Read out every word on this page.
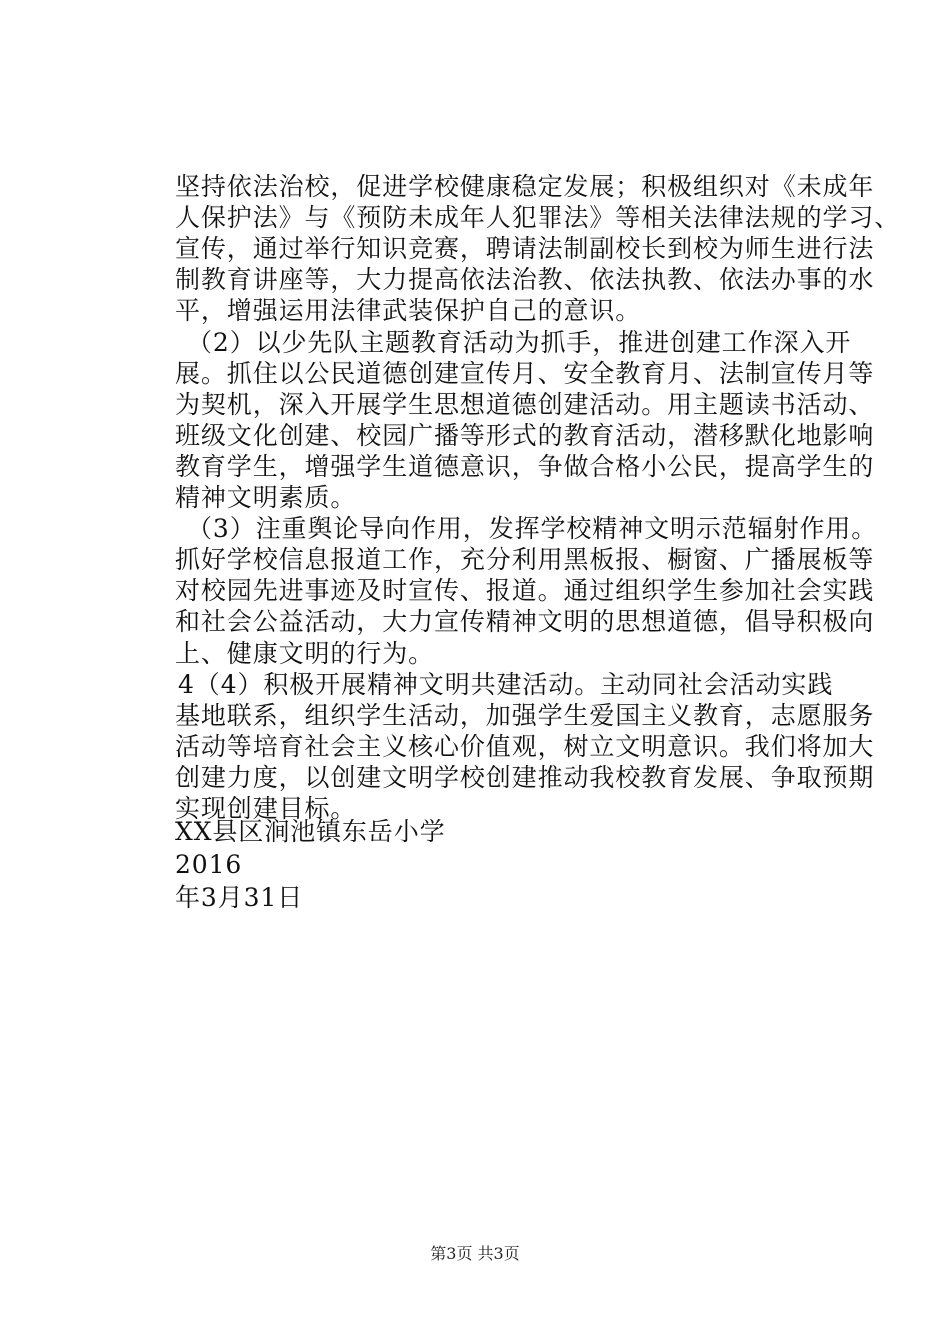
坚持依法治校，促进学校健康稳定发展；积极组织对《未成年
人保护法》与《预防未成年人犯罪法》等相关法律法规的学习、
宣传，通过举行知识竞赛，聘请法制副校长到校为师生进行法
制教育讲座等，大力提高依法治教、依法执教、依法办事的水
平，增强运用法律武装保护自己的意识。
（2）以少先队主题教育活动为抓手，推进创建工作深入开
展。抓住以公民道德创建宣传月、安全教育月、法制宣传月等
为契机，深入开展学生思想道德创建活动。用主题读书活动、
班级文化创建、校园广播等形式的教育活动，潜移默化地影响
教育学生，增强学生道德意识，争做合格小公民，提高学生的
精神文明素质。
（3）注重舆论导向作用，发挥学校精神文明示范辐射作用。
抓好学校信息报道工作，充分利用黑板报、橱窗、广播展板等
对校园先进事迹及时宣传、报道。通过组织学生参加社会实践
和社会公益活动，大力宣传精神文明的思想道德，倡导积极向
上、健康文明的行为。
4（4）积极开展精神文明共建活动。主动同社会活动实践
基地联系，组织学生活动，加强学生爱国主义教育，志愿服务
活动等培育社会主义核心价值观，树立文明意识。我们将加大
创建力度，以创建文明学校创建推动我校教育发展、争取预期
实现创建目标。
XX县区涧池镇东岳小学
2016
年3月31日
第3页 共3页
